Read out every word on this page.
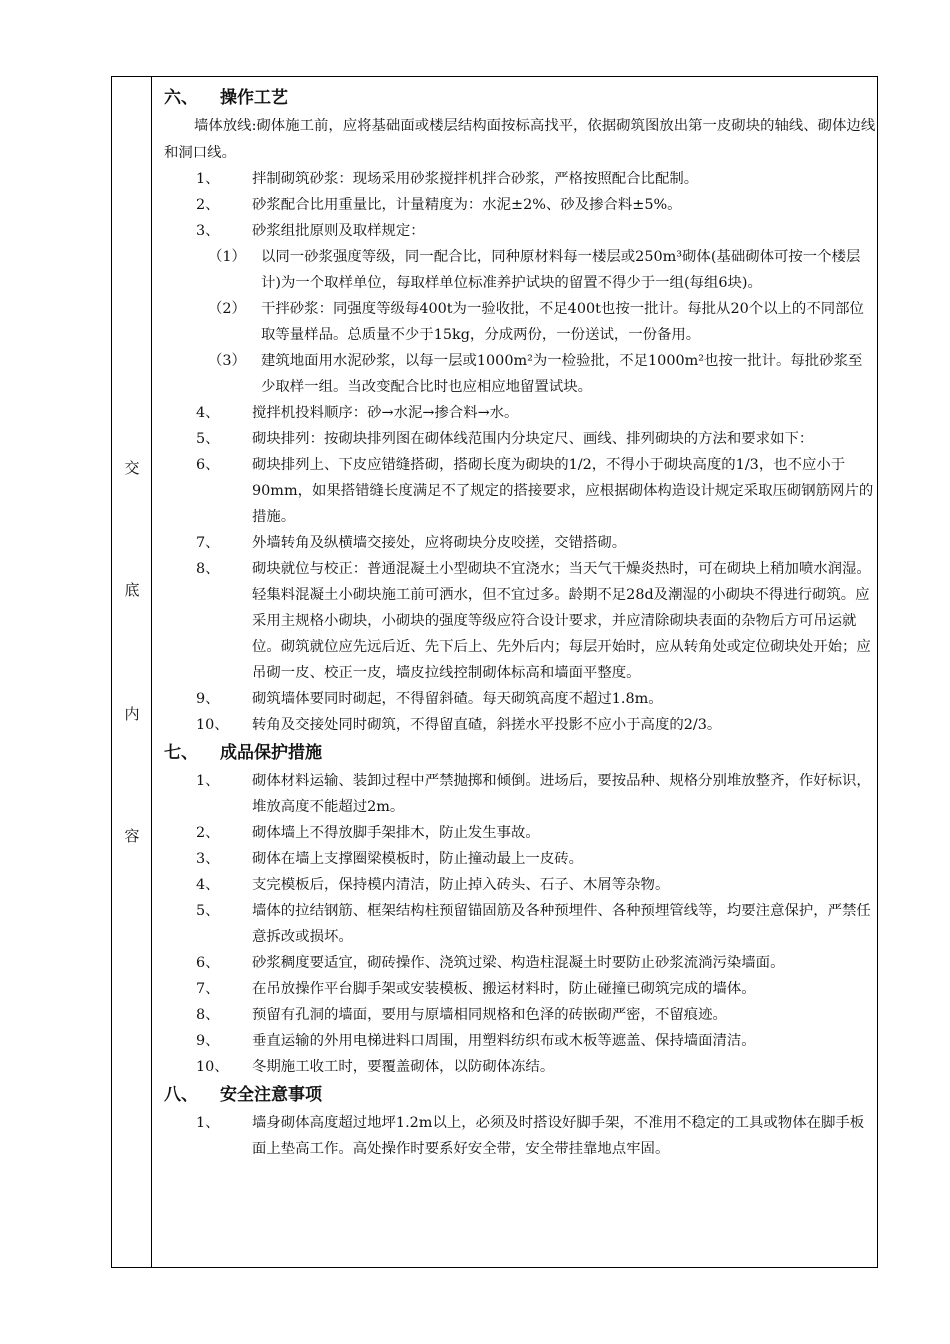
交
底
内
容
六、	操作工艺
墙体放线:砌体施工前，应将基础面或楼层结构面按标高找平，依据砌筑图放出第一皮砌块的轴线、砌体边线和洞口线。
1、	拌制砌筑砂浆：现场采用砂浆搅拌机拌合砂浆，严格按照配合比配制。
2、	砂浆配合比用重量比，计量精度为：水泥±2%、砂及掺合料±5%。
3、	砂浆组批原则及取样规定：
（1）	以同一砂浆强度等级，同一配合比，同种原材料每一楼层或250m³砌体(基础砌体可按一个楼层计)为一个取样单位，每取样单位标准养护试块的留置不得少于一组(每组6块)。
（2）	干拌砂浆：同强度等级每400t为一验收批，不足400t也按一批计。每批从20个以上的不同部位取等量样品。总质量不少于15kg，分成两份，一份送试，一份备用。
（3）	建筑地面用水泥砂浆，以每一层或1000m²为一检验批，不足1000m²也按一批计。每批砂浆至少取样一组。当改变配合比时也应相应地留置试块。
4、	搅拌机投料顺序：砂→水泥→掺合料→水。
5、	砌块排列：按砌块排列图在砌体线范围内分块定尺、画线、排列砌块的方法和要求如下：
6、	砌块排列上、下皮应错缝搭砌，搭砌长度为砌块的1/2，不得小于砌块高度的1/3，也不应小于90mm，如果搭错缝长度满足不了规定的搭接要求，应根据砌体构造设计规定采取压砌钢筋网片的措施。
7、	外墙转角及纵横墙交接处，应将砌块分皮咬搓，交错搭砌。
8、	砌块就位与校正：普通混凝土小型砌块不宜浇水；当天气干燥炎热时，可在砌块上稍加喷水润湿。轻集料混凝土小砌块施工前可洒水，但不宜过多。龄期不足28d及潮湿的小砌块不得进行砌筑。应采用主规格小砌块，小砌块的强度等级应符合设计要求，并应清除砌块表面的杂物后方可吊运就位。砌筑就位应先远后近、先下后上、先外后内；每层开始时，应从转角处或定位砌块处开始；应吊砌一皮、校正一皮，墙皮拉线控制砌体标高和墙面平整度。
9、	砌筑墙体要同时砌起，不得留斜碴。每天砌筑高度不超过1.8m。
10、	转角及交接处同时砌筑，不得留直碴，斜搓水平投影不应小于高度的2/3。
七、	成品保护措施
1、	砌体材料运输、装卸过程中严禁抛掷和倾倒。进场后，要按品种、规格分别堆放整齐，作好标识，堆放高度不能超过2m。
2、	砌体墙上不得放脚手架排木，防止发生事故。
3、	砌体在墙上支撑圈梁模板时，防止撞动最上一皮砖。
4、	支完模板后，保持模内清洁，防止掉入砖头、石子、木屑等杂物。
5、	墙体的拉结钢筋、框架结构柱预留锚固筋及各种预埋件、各种预埋管线等，均要注意保护，严禁任意拆改或损坏。
6、	砂浆稠度要适宜，砌砖操作、浇筑过梁、构造柱混凝土时要防止砂浆流淌污染墙面。
7、	在吊放操作平台脚手架或安装模板、搬运材料时，防止碰撞已砌筑完成的墙体。
8、	预留有孔洞的墙面，要用与原墙相同规格和色泽的砖嵌砌严密，不留痕迹。
9、	垂直运输的外用电梯进料口周围，用塑料纺织布或木板等遮盖、保持墙面清洁。
10、	冬期施工收工时，要覆盖砌体，以防砌体冻结。
八、	安全注意事项
1、	墙身砌体高度超过地坪1.2m以上，必须及时搭设好脚手架，不准用不稳定的工具或物体在脚手板面上垫高工作。高处操作时要系好安全带，安全带挂靠地点牢固。
